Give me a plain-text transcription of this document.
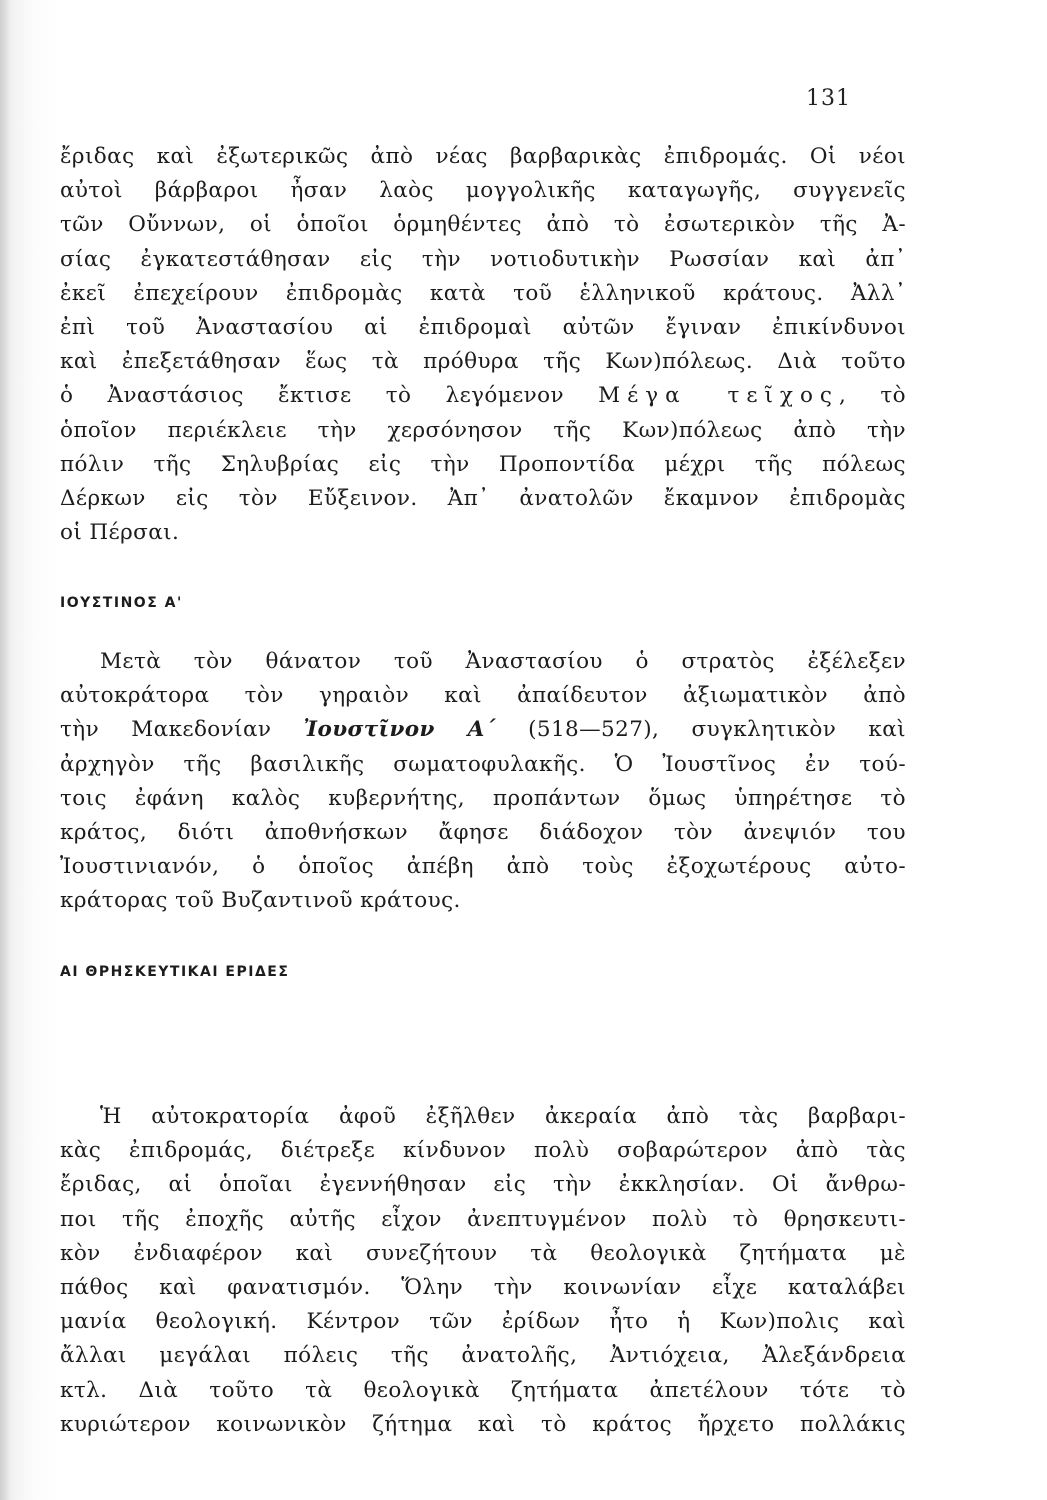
131
ἔριδας καὶ ἐξωτερικῶς ἀπὸ νέας βαρβαρικὰς ἐπιδρομάς. Οἱ νέοι
αὐτοὶ βάρβαροι ἦσαν λαὸς μογγολικῆς καταγωγῆς, συγγενεῖς
τῶν Οὔννων, οἱ ὁποῖοι ὁρμηθέντες ἀπὸ τὸ ἐσωτερικὸν τῆς Ἀ-
σίας ἐγκατεστάθησαν εἰς τὴν νοτιοδυτικὴν Ρωσσίαν καὶ ἀπ᾽
ἐκεῖ ἐπεχείρουν ἐπιδρομὰς κατὰ τοῦ ἑλληνικοῦ κράτους. Ἀλλ᾽
ἐπὶ τοῦ Ἀναστασίου αἱ ἐπιδρομαὶ αὐτῶν ἔγιναν ἐπικίνδυνοι
καὶ ἐπεξετάθησαν ἕως τὰ πρόθυρα τῆς Κων)πόλεως. Διὰ τοῦτο
ὁ Ἀναστάσιος ἔκτισε τὸ λεγόμενον Μέγα τεῖχος, τὸ
ὁποῖον περιέκλειε τὴν χερσόνησον τῆς Κων)πόλεως ἀπὸ τὴν
πόλιν τῆς Σηλυβρίας εἰς τὴν Προποντίδα μέχρι τῆς πόλεως
Δέρκων εἰς τὸν Εὔξεινον. Ἀπ᾽ ἀνατολῶν ἔκαμνον ἐπιδρομὰς
οἱ Πέρσαι.
ΙΟΥΣΤΙΝΟΣ Α'
Μετὰ τὸν θάνατον τοῦ Ἀναστασίου ὁ στρατὸς ἐξέλεξεν
αὐτοκράτορα τὸν γηραιὸν καὶ ἀπαίδευτον ἀξιωματικὸν ἀπὸ
τὴν Μακεδονίαν Ἰουστῖνον Α΄ (518—527), συγκλητικὸν καὶ
ἀρχηγὸν τῆς βασιλικῆς σωματοφυλακῆς. Ὁ Ἰουστῖνος ἐν τού-
τοις ἐφάνη καλὸς κυβερνήτης, προπάντων ὅμως ὑπηρέτησε τὸ
κράτος, διότι ἀποθνήσκων ἄφησε διάδοχον τὸν ἀνεψιόν του
Ἰουστινιανόν, ὁ ὁποῖος ἀπέβη ἀπὸ τοὺς ἐξοχωτέρους αὐτο-
κράτορας τοῦ Βυζαντινοῦ κράτους.
ΑΙ ΘΡΗΣΚΕΥΤΙΚΑΙ ΕΡΙΔΕΣ
Ἡ αὐτοκρατορία ἀφοῦ ἐξῆλθεν ἀκεραία ἀπὸ τὰς βαρβαρι-
κὰς ἐπιδρομάς, διέτρεξε κίνδυνον πολὺ σοβαρώτερον ἀπὸ τὰς
ἔριδας, αἱ ὁποῖαι ἐγεννήθησαν εἰς τὴν ἐκκλησίαν. Οἱ ἄνθρω-
ποι τῆς ἐποχῆς αὐτῆς εἶχον ἀνεπτυγμένον πολὺ τὸ θρησκευτι-
κὸν ἐνδιαφέρον καὶ συνεζήτουν τὰ θεολογικὰ ζητήματα μὲ
πάθος καὶ φανατισμόν. Ὅλην τὴν κοινωνίαν εἶχε καταλάβει
μανία θεολογική. Κέντρον τῶν ἐρίδων ἦτο ἡ Κων)πολις καὶ
ἄλλαι μεγάλαι πόλεις τῆς ἀνατολῆς, Ἀντιόχεια, Ἀλεξάνδρεια
κτλ. Διὰ τοῦτο τὰ θεολογικὰ ζητήματα ἀπετέλουν τότε τὸ
κυριώτερον κοινωνικὸν ζήτημα καὶ τὸ κράτος ἤρχετο πολλάκις
